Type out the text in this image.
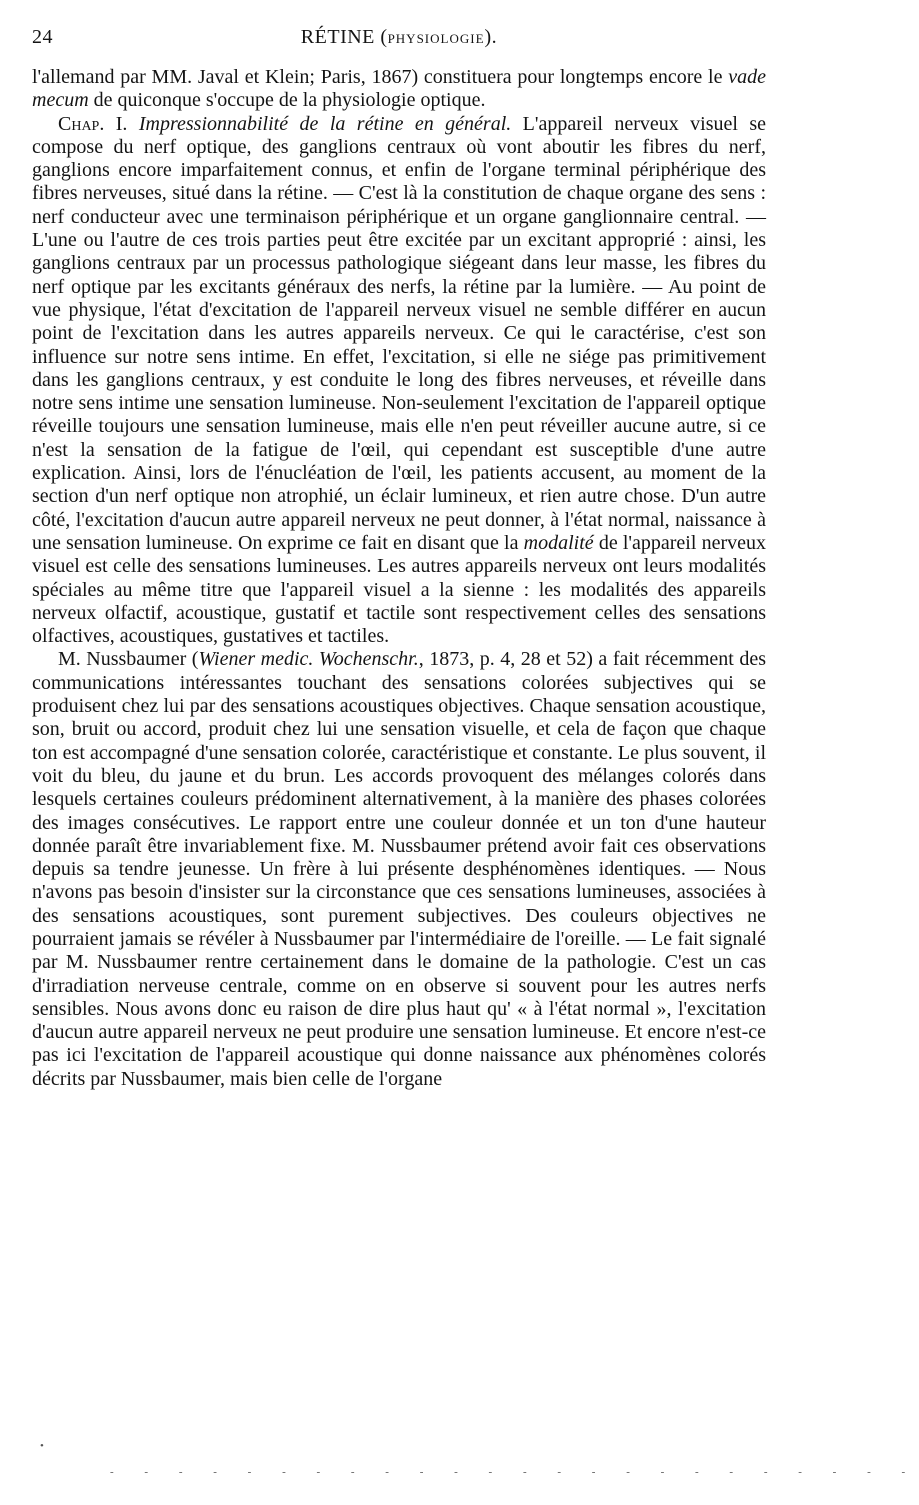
24	RÉTINE (PHYSIOLOGIE).

l'allemand par MM. Javal et Klein; Paris, 1867) constituera pour longtemps encore le vade mecum de quiconque s'occupe de la physiologie optique.

Chap. I. Impressionnabilité de la rétine en général. L'appareil nerveux visuel se compose du nerf optique, des ganglions centraux où vont aboutir les fibres du nerf, ganglions encore imparfaitement connus, et enfin de l'organe terminal périphérique des fibres nerveuses, situé dans la rétine. — C'est là la constitution de chaque organe des sens : nerf conducteur avec une terminaison périphérique et un organe ganglionnaire central. — L'une ou l'autre de ces trois parties peut être excitée par un excitant approprié : ainsi, les ganglions centraux par un processus pathologique siégeant dans leur masse, les fibres du nerf optique par les excitants généraux des nerfs, la rétine par la lumière. — Au point de vue physique, l'état d'excitation de l'appareil nerveux visuel ne semble différer en aucun point de l'excitation dans les autres appareils nerveux. Ce qui le caractérise, c'est son influence sur notre sens intime. En effet, l'excitation, si elle ne siége pas primitivement dans les ganglions centraux, y est conduite le long des fibres nerveuses, et réveille dans notre sens intime une sensation lumineuse. Non-seulement l'excitation de l'appareil optique réveille toujours une sensation lumineuse, mais elle n'en peut réveiller aucune autre, si ce n'est la sensation de la fatigue de l'œil, qui cependant est susceptible d'une autre explication. Ainsi, lors de l'énucléation de l'œil, les patients accusent, au moment de la section d'un nerf optique non atrophié, un éclair lumineux, et rien autre chose. D'un autre côté, l'excitation d'aucun autre appareil nerveux ne peut donner, à l'état normal, naissance à une sensation lumineuse. On exprime ce fait en disant que la modalité de l'appareil nerveux visuel est celle des sensations lumineuses. Les autres appareils nerveux ont leurs modalités spéciales au même titre que l'appareil visuel a la sienne : les modalités des appareils nerveux olfactif, acoustique, gustatif et tactile sont respectivement celles des sensations olfactives, acoustiques, gustatives et tactiles.

M. Nussbaumer (Wiener medic. Wochenschr., 1873, p. 4, 28 et 52) a fait récemment des communications intéressantes touchant des sensations colorées subjectives qui se produisent chez lui par des sensations acoustiques objectives. Chaque sensation acoustique, son, bruit ou accord, produit chez lui une sensation visuelle, et cela de façon que chaque ton est accompagné d'une sensation colorée, caractéristique et constante. Le plus souvent, il voit du bleu, du jaune et du brun. Les accords provoquent des mélanges colorés dans lesquels certaines couleurs prédominent alternativement, à la manière des phases colorées des images consécutives. Le rapport entre une couleur donnée et un ton d'une hauteur donnée paraît être invariablement fixe. M. Nussbaumer prétend avoir fait ces observations depuis sa tendre jeunesse. Un frère à lui présente desphénomènes identiques. — Nous n'avons pas besoin d'insister sur la circonstance que ces sensations lumineuses, associées à des sensations acoustiques, sont purement subjectives. Des couleurs objectives ne pourraient jamais se révéler à Nussbaumer par l'intermédiaire de l'oreille. — Le fait signalé par M. Nussbaumer rentre certainement dans le domaine de la pathologie. C'est un cas d'irradiation nerveuse centrale, comme on en observe si souvent pour les autres nerfs sensibles. Nous avons donc eu raison de dire plus haut qu' « à l'état normal », l'excitation d'aucun autre appareil nerveux ne peut produire une sensation lumineuse. Et encore n'est-ce pas ici l'excitation de l'appareil acoustique qui donne naissance aux phénomènes colorés décrits par Nussbaumer, mais bien celle de l'organe

•
- - - - - - - - - - - - - - - - - - - - - - - -
